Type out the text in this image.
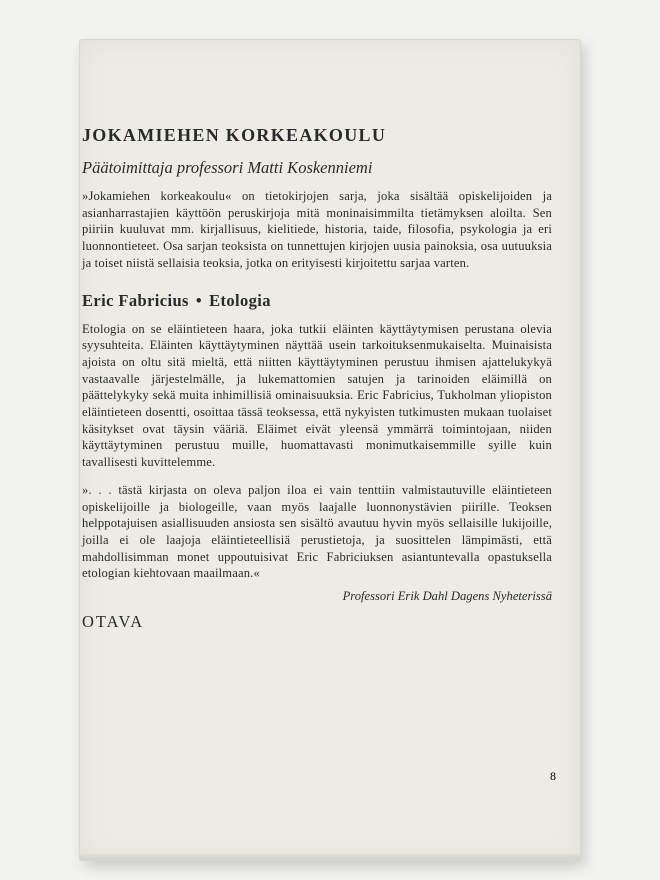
8
JOKAMIEHEN KORKEAKOULU

Päätoimittaja professori Matti Koskenniemi

»Jokamiehen korkeakoulu« on tietokirjojen sarja, joka sisältää opiskelijoiden ja asianharrastajien käyttöön peruskirjoja mitä moninaisimmilta tietämyksen aloilta. Sen piiriin kuuluvat mm. kirjallisuus, kielitiede, historia, taide, filosofia, psykologia ja eri luonnontieteet. Osa sarjan teoksista on tunnettujen kirjojen uusia painoksia, osa uutuuksia ja toiset niistä sellaisia teoksia, jotka on erityisesti kirjoitettu sarjaa varten.

Eric Fabricius • Etologia

Etologia on se eläintieteen haara, joka tutkii eläinten käyttäytymisen perustana olevia syysuhteita. Eläinten käyttäytyminen näyttää usein tarkoituksenmukaiselta. Muinaisista ajoista on oltu sitä mieltä, että niitten käyttäytyminen perustuu ihmisen ajattelukykyä vastaavalle järjestelmälle, ja lukemattomien satujen ja tarinoiden eläimillä on päättelykyky sekä muita inhimillisiä ominaisuuksia. Eric Fabricius, Tukholman yliopiston eläintieteen dosentti, osoittaa tässä teoksessa, että nykyisten tutkimusten mukaan tuolaiset käsitykset ovat täysin vääriä. Eläimet eivät yleensä ymmärrä toimintojaan, niiden käyttäytyminen perustuu muille, huomattavasti monimutkaisemmille syille kuin tavallisesti kuvittelemme.

». . . tästä kirjasta on oleva paljon iloa ei vain tenttiin valmistautuville eläintieteen opiskelijoille ja biologeille, vaan myös laajalle luonnonystävien piirille. Teoksen helppotajuisen asiallisuuden ansiosta sen sisältö avautuu hyvin myös sellaisille lukijoille, joilla ei ole laajoja eläintieteellisiä perustietoja, ja suosittelen lämpimästi, että mahdollisimman monet uppoutuisivat Eric Fabriciuksen asiantuntevalla opastuksella etologian kiehtovaan maailmaan.«

Professori Erik Dahl Dagens Nyheterissä

OTAVA
